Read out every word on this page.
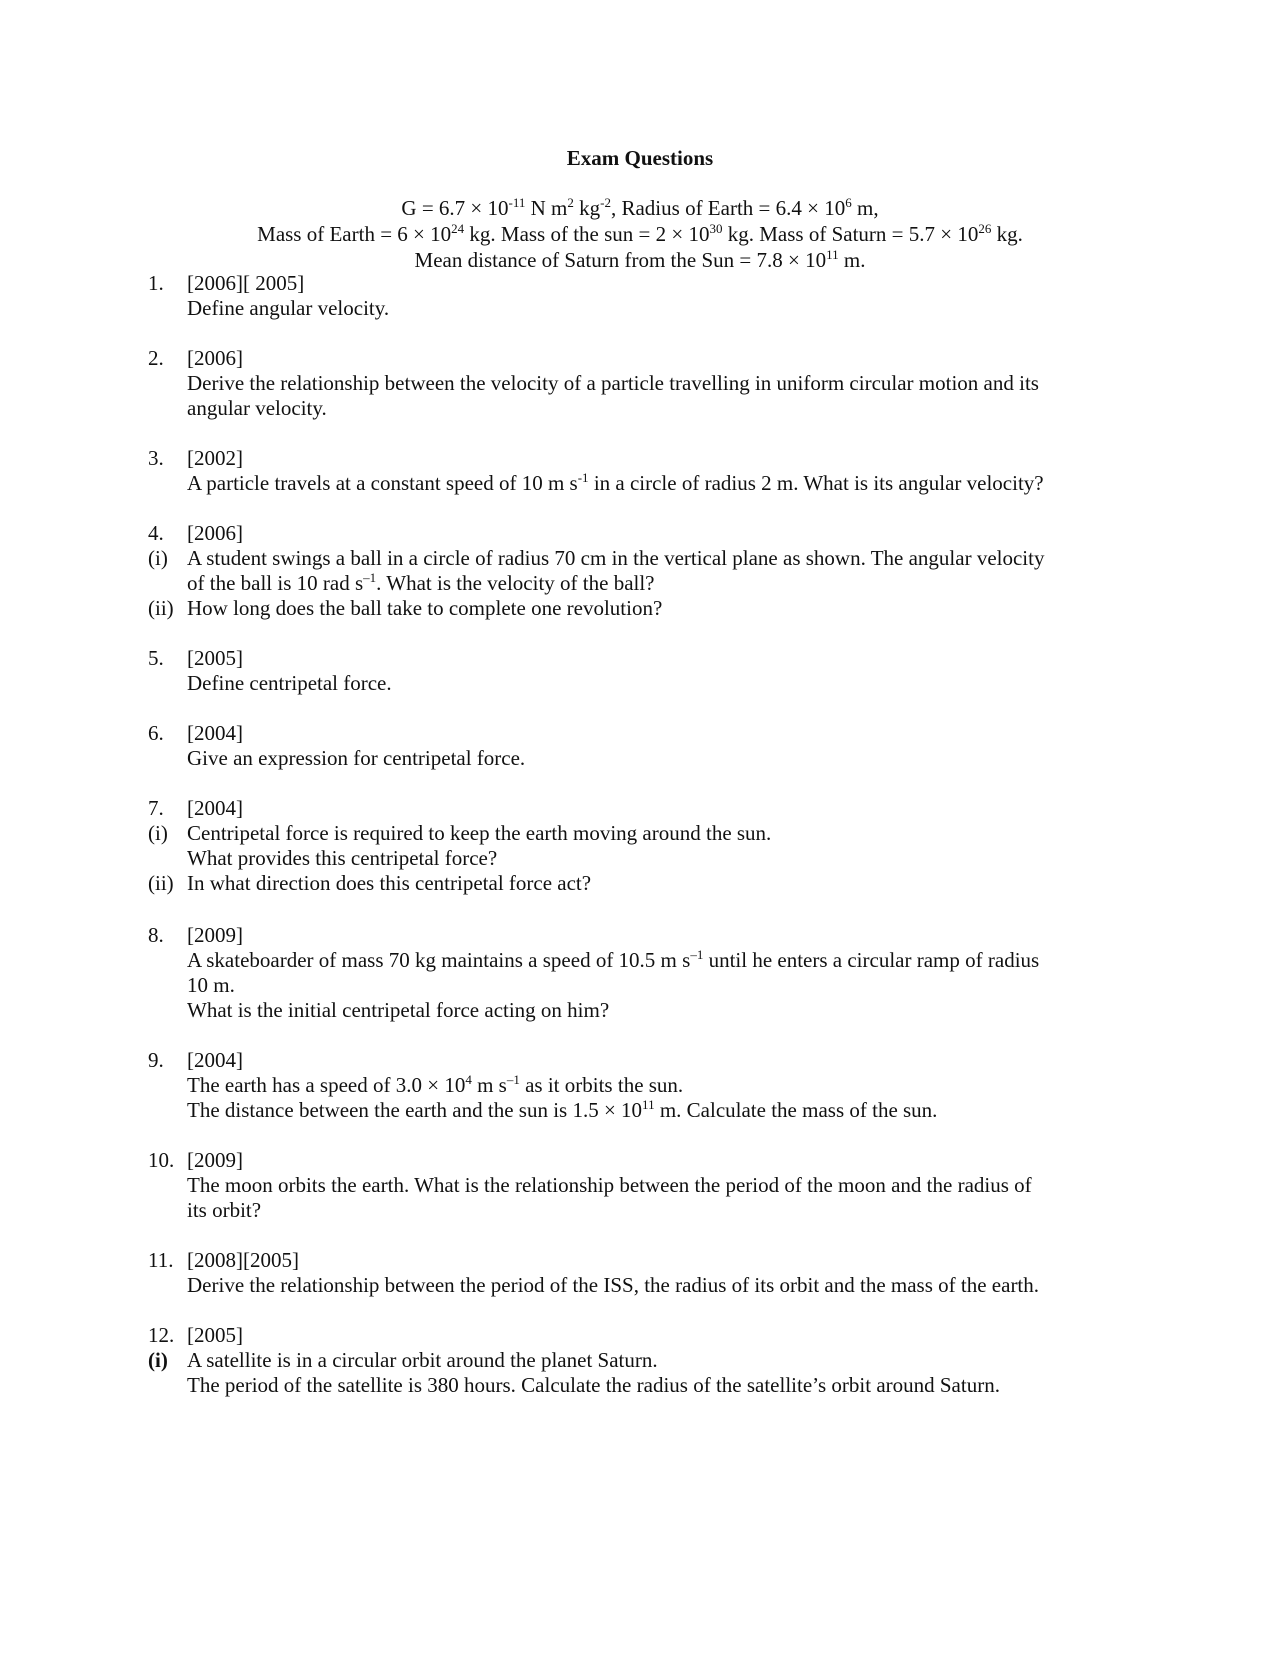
Exam Questions
$G = 6.7 \times 10^{-11}$ N $m^2$ $kg^{-2}$, Radius of Earth = $6.4 \times 10^6$ m,
Mass of Earth = $6 \times 10^{24}$ kg. Mass of the sun = $2 \times 10^{30}$ kg. Mass of Saturn = $5.7 \times 10^{26}$ kg.
Mean distance of Saturn from the Sun = $7.8 \times 10^{11}$ m.
1. [2006][ 2005]
Define angular velocity.
2. [2006]
Derive the relationship between the velocity of a particle travelling in uniform circular motion and its
angular velocity.
3. [2002]
A particle travels at a constant speed of 10 m $s^{-1}$ in a circle of radius 2 m. What is its angular velocity?
4. [2006]
(i) A student swings a ball in a circle of radius 70 cm in the vertical plane as shown. The angular velocity
of the ball is 10 rad $s^{-1}$. What is the velocity of the ball?
(ii) How long does the ball take to complete one revolution?
5. [2005]
Define centripetal force.
6. [2004]
Give an expression for centripetal force.
7. [2004]
(i) Centripetal force is required to keep the earth moving around the sun.
What provides this centripetal force?
(ii) In what direction does this centripetal force act?
8. [2009]
A skateboarder of mass 70 kg maintains a speed of 10.5 m $s^{-1}$ until he enters a circular ramp of radius
10 m.
What is the initial centripetal force acting on him?
9. [2004]
The earth has a speed of $3.0 \times 10^4$ m $s^{-1}$ as it orbits the sun.
The distance between the earth and the sun is $1.5 \times 10^{11}$ m. Calculate the mass of the sun.
10. [2009]
The moon orbits the earth. What is the relationship between the period of the moon and the radius of
its orbit?
11. [2008][2005]
Derive the relationship between the period of the ISS, the radius of its orbit and the mass of the earth.
12. [2005]
(i) A satellite is in a circular orbit around the planet Saturn.
The period of the satellite is 380 hours. Calculate the radius of the satellite’s orbit around Saturn.
